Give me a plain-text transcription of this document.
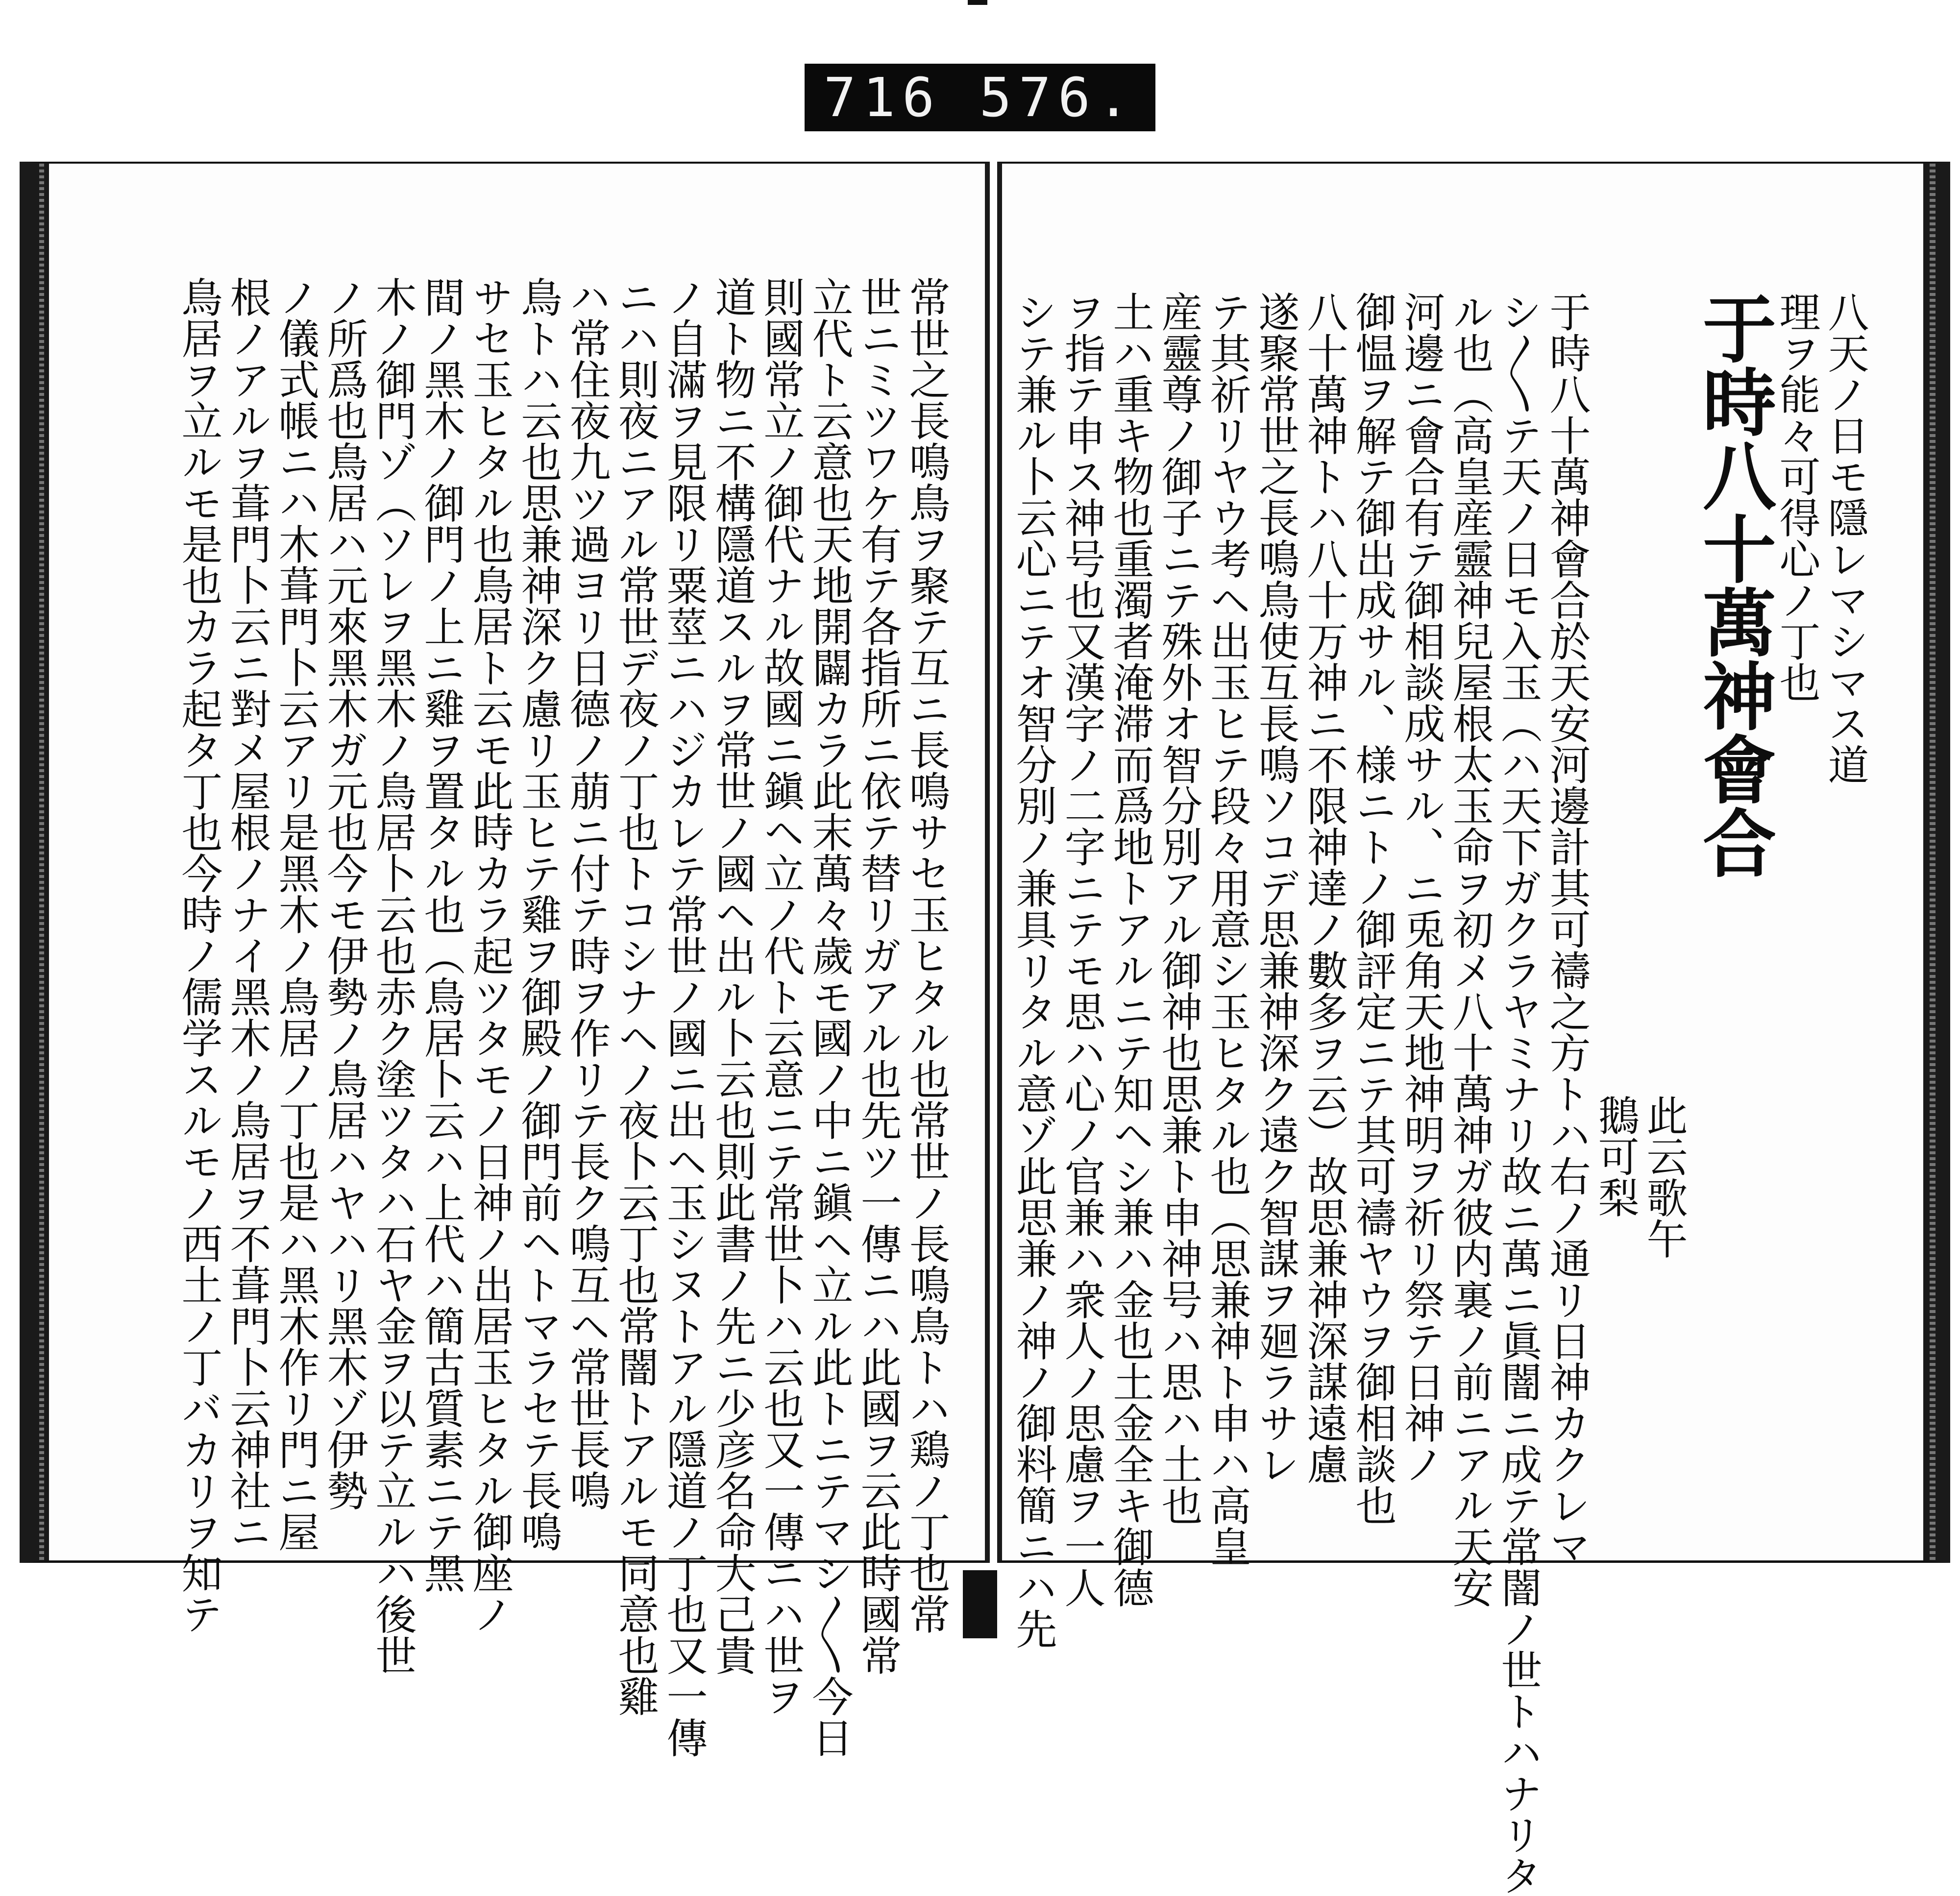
716 576.
常世之長鳴鳥ヲ聚テ互ニ長鳴サセ玉ヒタル也常世ノ長鳴鳥トハ鶏ノ丁也常
世ニミツワケ有テ各指所ニ依テ替リガアル也先ツ一傳ニハ此國ヲ云此時國常
立代ト云意也天地開闢カラ此末萬々歲モ國ノ中ニ鎭ヘ立ル此トニテマシ〳〵今日
則國常立ノ御代ナル故國ニ鎭ヘ立ノ代ト云意ニテ常世卜ハ云也又一傳ニハ世ヲ
道ト物ニ不構隱道スルヲ常世ノ國ヘ出ル卜云也則此書ノ先ニ少彦名命大己貴
ノ自滿ヲ見限リ粟莖ニハジカレテ常世ノ國ニ出ヘ玉シヌトアル隱道ノ丁也又一傳
ニハ則夜ニアル常世デ夜ノ丁也トコシナヘノ夜卜云丁也常闇トアルモ同意也雞
ハ常住夜九ツ過ヨリ日德ノ萠ニ付テ時ヲ作リテ長ク鳴互ヘ常世長鳴
鳥トハ云也思兼神深ク慮リ玉ヒテ雞ヲ御殿ノ御門前ヘトマラセテ長鳴
サセ玉ヒタル也鳥居ト云モ此時カラ起ツタモノ日神ノ出居玉ヒタル御座ノ
間ノ黑木ノ御門ノ上ニ雞ヲ置タル也（鳥居卜云ハ上代ハ簡古質素ニテ黑
木ノ御門ゾ（ソレヲ黑木ノ鳥居卜云也赤ク塗ツタハ石ヤ金ヲ以テ立ルハ後世
ノ所爲也鳥居ハ元來黑木ガ元也今モ伊勢ノ鳥居ハヤハリ黑木ゾ伊勢
ノ儀式帳ニハ木葺門卜云アリ是黑木ノ鳥居ノ丁也是ハ黑木作リ門ニ屋
根ノアルヲ葺門卜云ニ對メ屋根ノナイ黑木ノ鳥居ヲ不葺門卜云神社ニ
鳥居ヲ立ルモ是也カラ起タ丁也今時ノ儒学スルモノ西土ノ丁バカリヲ知テ	八天ノ日モ隱レマシマス道
理ヲ能々可得心ノ丁也
于時八十萬神會合
此云歌午
鵝可梨
于時八十萬神會合於天安河邊計其可禱之方トハ右ノ通リ日神カクレマ
シ〳〵テ天ノ日モ入玉（ハ天下ガクラヤミナリ故ニ萬ニ眞闇ニ成テ常闇ノ世トハナリタ
ル也（高皇産靈神兒屋根太玉命ヲ初メ八十萬神ガ彼内裏ノ前ニアル天安
河邊ニ會合有テ御相談成サル、ニ兎角天地神明ヲ祈リ祭テ日神ノ
御愠ヲ解テ御出成サル、様ニトノ御評定ニテ其可禱ヤウヲ御相談也
八十萬神トハ八十万神ニ不限神達ノ數多ヲ云）故思兼神深謀遠慮
遂聚常世之長鳴鳥使互長鳴ソコデ思兼神深ク遠ク智謀ヲ廻ラサレ
テ其祈リヤウ考ヘ出玉ヒテ段々用意シ玉ヒタル也（思兼神ト申ハ高皇
産靈尊ノ御子ニテ殊外オ智分別アル御神也思兼ト申神号ハ思ハ土也
土ハ重キ物也重濁者淹滞而爲地トアルニテ知ヘシ兼ハ金也土金全キ御德
ヲ指テ申ス神号也又漢字ノ二字ニテモ思ハ心ノ官兼ハ衆人ノ思慮ヲ一人
シテ兼ル卜云心ニテオ智分別ノ兼具リタル意ゾ此思兼ノ神ノ御料簡ニハ先
